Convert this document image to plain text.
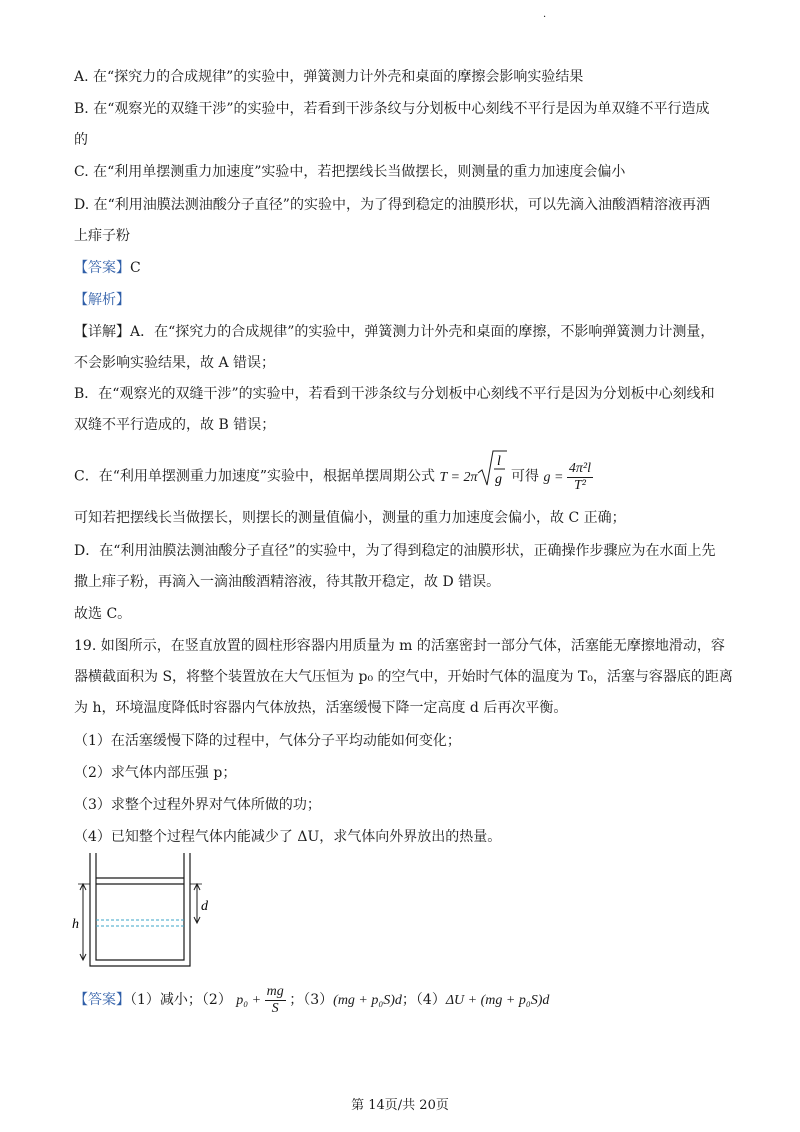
·
A. 在“探究力的合成规律”的实验中，弹簧测力计外壳和桌面的摩擦会影响实验结果
B. 在“观察光的双缝干涉”的实验中，若看到干涉条纹与分划板中心刻线不平行是因为单双缝不平行造成
的
C. 在“利用单摆测重力加速度”实验中，若把摆线长当做摆长，则测量的重力加速度会偏小
D. 在“利用油膜法测油酸分子直径”的实验中，为了得到稳定的油膜形状，可以先滴入油酸酒精溶液再洒
上痱子粉
【答案】C
【解析】
【详解】A．在“探究力的合成规律”的实验中，弹簧测力计外壳和桌面的摩擦，不影响弹簧测力计测量，
不会影响实验结果，故 A 错误；
B．在“观察光的双缝干涉”的实验中，若看到干涉条纹与分划板中心刻线不平行是因为分划板中心刻线和
双缝不平行造成的，故 B 错误；
C．在“利用单摆测重力加速度”实验中，根据单摆周期公式 T = 2π
l
g 可得 $g = \frac{\text{4π²l}}{\text{T²}}$
可知若把摆线长当做摆长，则摆长的测量值偏小，测量的重力加速度会偏小，故 C 正确；
D．在“利用油膜法测油酸分子直径”的实验中，为了得到稳定的油膜形状，正确操作步骤应为在水面上先
撒上痱子粉，再滴入一滴油酸酒精溶液，待其散开稳定，故 D 错误。
故选 C。
19. 如图所示，在竖直放置的圆柱形容器内用质量为 m 的活塞密封一部分气体，活塞能无摩擦地滑动，容
器横截面积为 S，将整个装置放在大气压恒为 p₀ 的空气中，开始时气体的温度为 T₀，活塞与容器底的距离
为 h，环境温度降低时容器内气体放热，活塞缓慢下降一定高度 d 后再次平衡。
（1）在活塞缓慢下降的过程中，气体分子平均动能如何变化；
（2）求气体内部压强 p；
（3）求整个过程外界对气体所做的功；
（4）已知整个过程气体内能减少了 ΔU，求气体向外界放出的热量。
h
d
【答案】（1）减小；（2） $p_0 + \frac{mg}{S}$ ；（3）(mg + p₀S)d；（4）ΔU + (mg + p₀S)d
第 14页/共 20页
